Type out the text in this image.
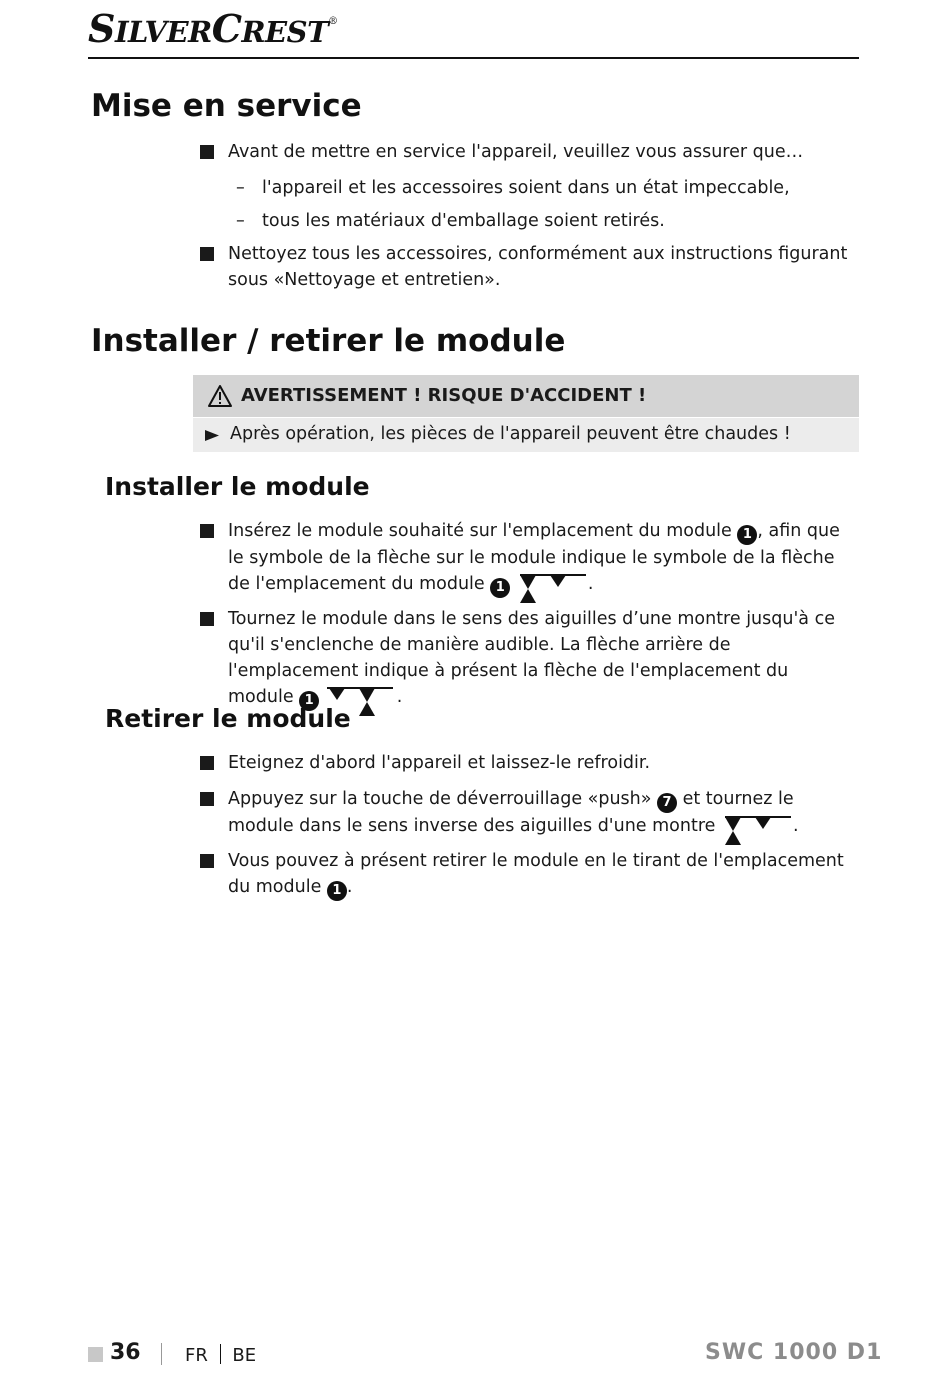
SILVERCREST®
Mise en service
Avant de mettre en service l'appareil, veuillez vous assurer que…
– l'appareil et les accessoires soient dans un état impeccable,
– tous les matériaux d'emballage soient retirés.
Nettoyez tous les accessoires, conformément aux instructions figurant sous «Nettoyage et entretien».
Installer / retirer le module
AVERTISSEMENT ! RISQUE D'ACCIDENT !
Après opération, les pièces de l'appareil peuvent être chaudes !
Installer le module
Insérez le module souhaité sur l'emplacement du module 1 , afin que le symbole de la flèche sur le module indique le symbole de la flèche de l'emplacement du module 1	.
Tournez le module dans le sens des aiguilles d’une montre jusqu'à ce qu'il s'enclenche de manière audible. La flèche arrière de l'emplacement indique à présent la flèche de l'emplacement du module 1	.
Retirer le module
Eteignez d'abord l'appareil et laissez-le refroidir.
Appuyez sur la touche de déverrouillage «push» 7 et tournez le module dans le sens inverse des aiguilles d'une montre	.
Vous pouvez à présent retirer le module en le tirant de l'emplacement du module 1 .
36 FR BE	SWC 1000 D1
